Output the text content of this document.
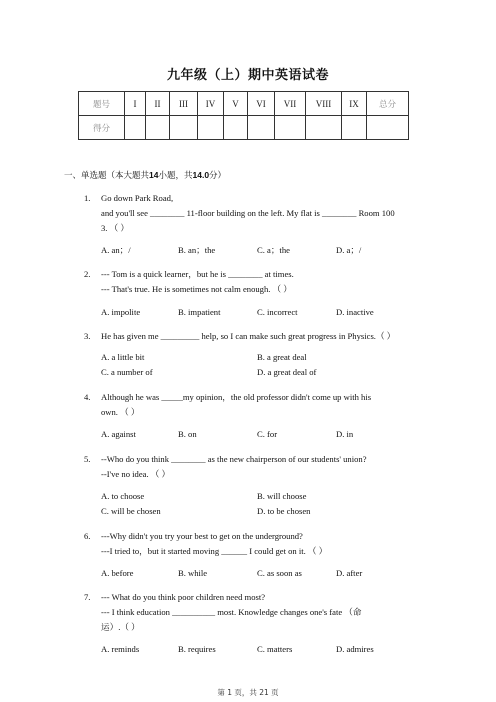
九年级（上）期中英语试卷
题号	I	II	III	IV	V	VI	VII	VIII	IX	总分
得分										
一、单选题（本大题共14小题，共14.0分）
1.	Go down Park Road,
and you'll see ________ 11-floor building on the left. My flat is ________ Room 100
3. （ ）
A. an；/	B. an；the	C. a；the	D. a；/
2.	--- Tom is a quick learner，but he is ________ at times.
--- That's true. He is sometimes not calm enough. （ ）
A. impolite	B. impatient	C. incorrect	D. inactive
3.	He has given me _________ help, so I can make such great progress in Physics.（ ）
A. a little bit	B. a great deal
C. a number of	D. a great deal of
4.	Although he was _____my opinion，the old professor didn't come up with his
own. （ ）
A. against	B. on	C. for	D. in
5.	--Who do you think ________ as the new chairperson of our students' union?
--I've no idea. （ ）
A. to choose	B. will choose
C. will be chosen	D. to be chosen
6.	---Why didn't you try your best to get on the underground?
---I tried to，but it started moving ______ I could get on it. （ ）
A. before	B. while	C. as soon as	D. after
7.	--- What do you think poor children need most?
--- I think education __________ most. Knowledge changes one's fate （命
运）.（ ）
A. reminds	B. requires	C. matters	D. admires
第 1 页，共 21 页
